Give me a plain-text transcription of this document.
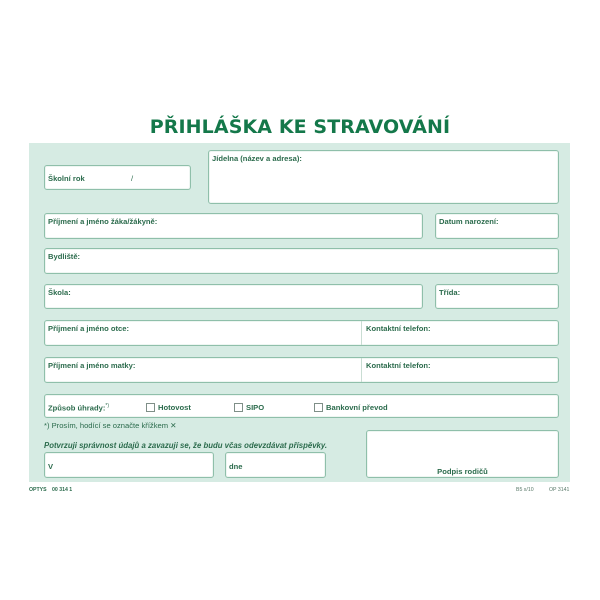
PŘIHLÁŠKA KE STRAVOVÁNÍ
Školní rok	/
Jídelna (název a adresa):
Příjmení a jméno žáka/žákyně:	Datum narození:
Bydliště:
Škola:	Třída:
Příjmení a jméno otce:	Kontaktní telefon:
Příjmení a jméno matky:	Kontaktní telefon:
Způsob úhrady:*)	Hotovost	SIPO	Bankovní převod
*) Prosím, hodící se označte křížkem ✕
Potvrzuji správnost údajů a zavazuji se, že budu včas odevzdávat příspěvky.
V	dne
Podpis rodičů
OPTYS 00 314 1	B5 x/10	OP 3141
